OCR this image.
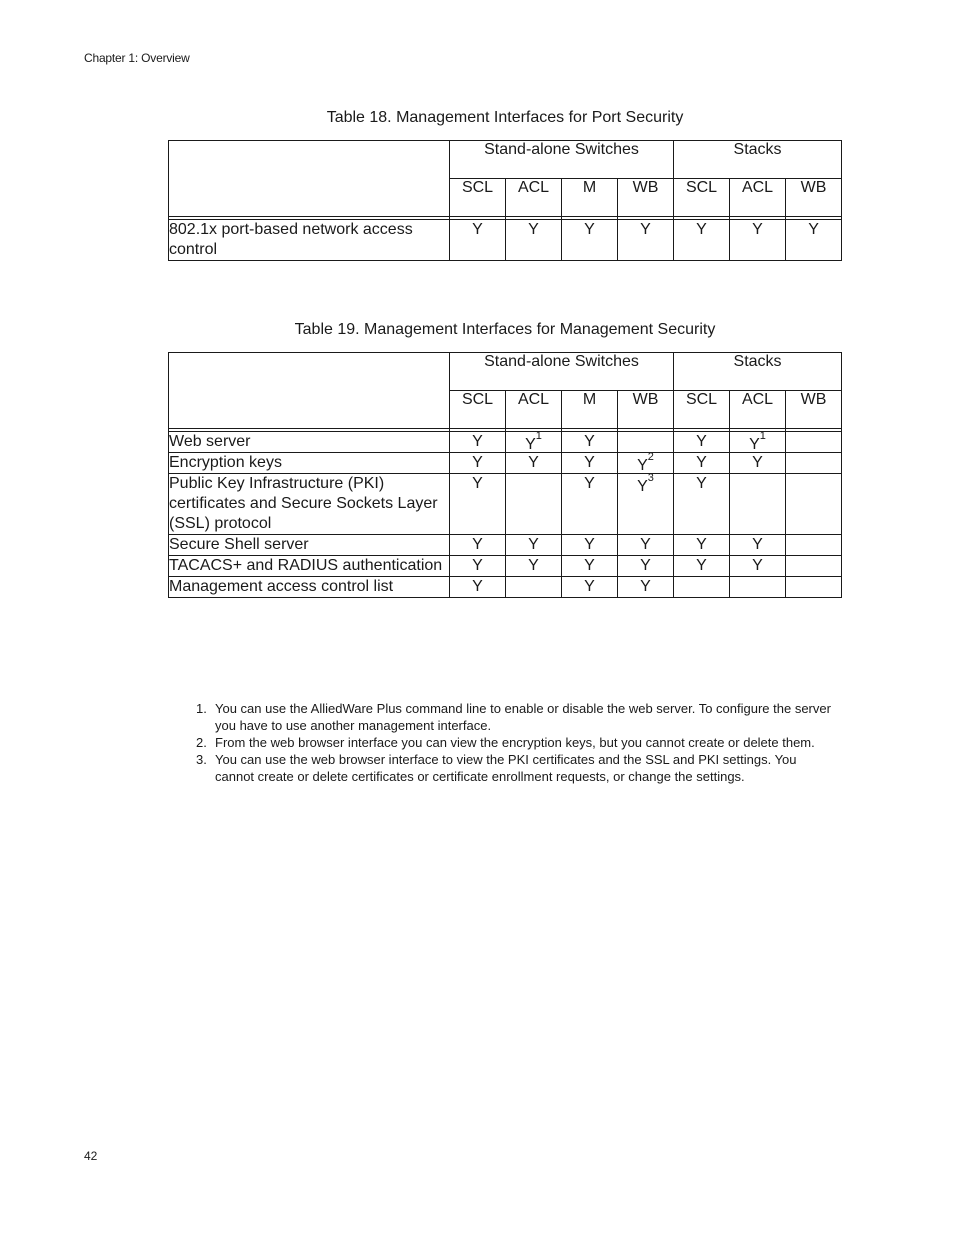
Chapter 1: Overview
Table 18. Management Interfaces for Port Security
	Stand-alone Switches				Stacks		
	SCL	ACL	M	WB	SCL	ACL	WB

802.1x port-based network access control	Y	Y	Y	Y	Y	Y	Y
Table 19. Management Interfaces for Management Security
	Stand-alone Switches				Stacks		
	SCL	ACL	M	WB	SCL	ACL	WB

Web server	Y	$Y^1$	Y		Y	$Y^1$	
Encryption keys	Y	Y	Y	$Y^2$	Y	Y	
Public Key Infrastructure (PKI) certificates and Secure Sockets Layer (SSL) protocol	Y		Y	$Y^3$	Y		
Secure Shell server	Y	Y	Y	Y	Y	Y	
TACACS+ and RADIUS authentication	Y	Y	Y	Y	Y	Y	
Management access control list	Y		Y	Y			
1. You can use the AlliedWare Plus command line to enable or disable the web server. To configure the server you have to use another management interface.
2. From the web browser interface you can view the encryption keys, but you cannot create or delete them.
3. You can use the web browser interface to view the PKI certificates and the SSL and PKI settings. You cannot create or delete certificates or certificate enrollment requests, or change the settings.
42
